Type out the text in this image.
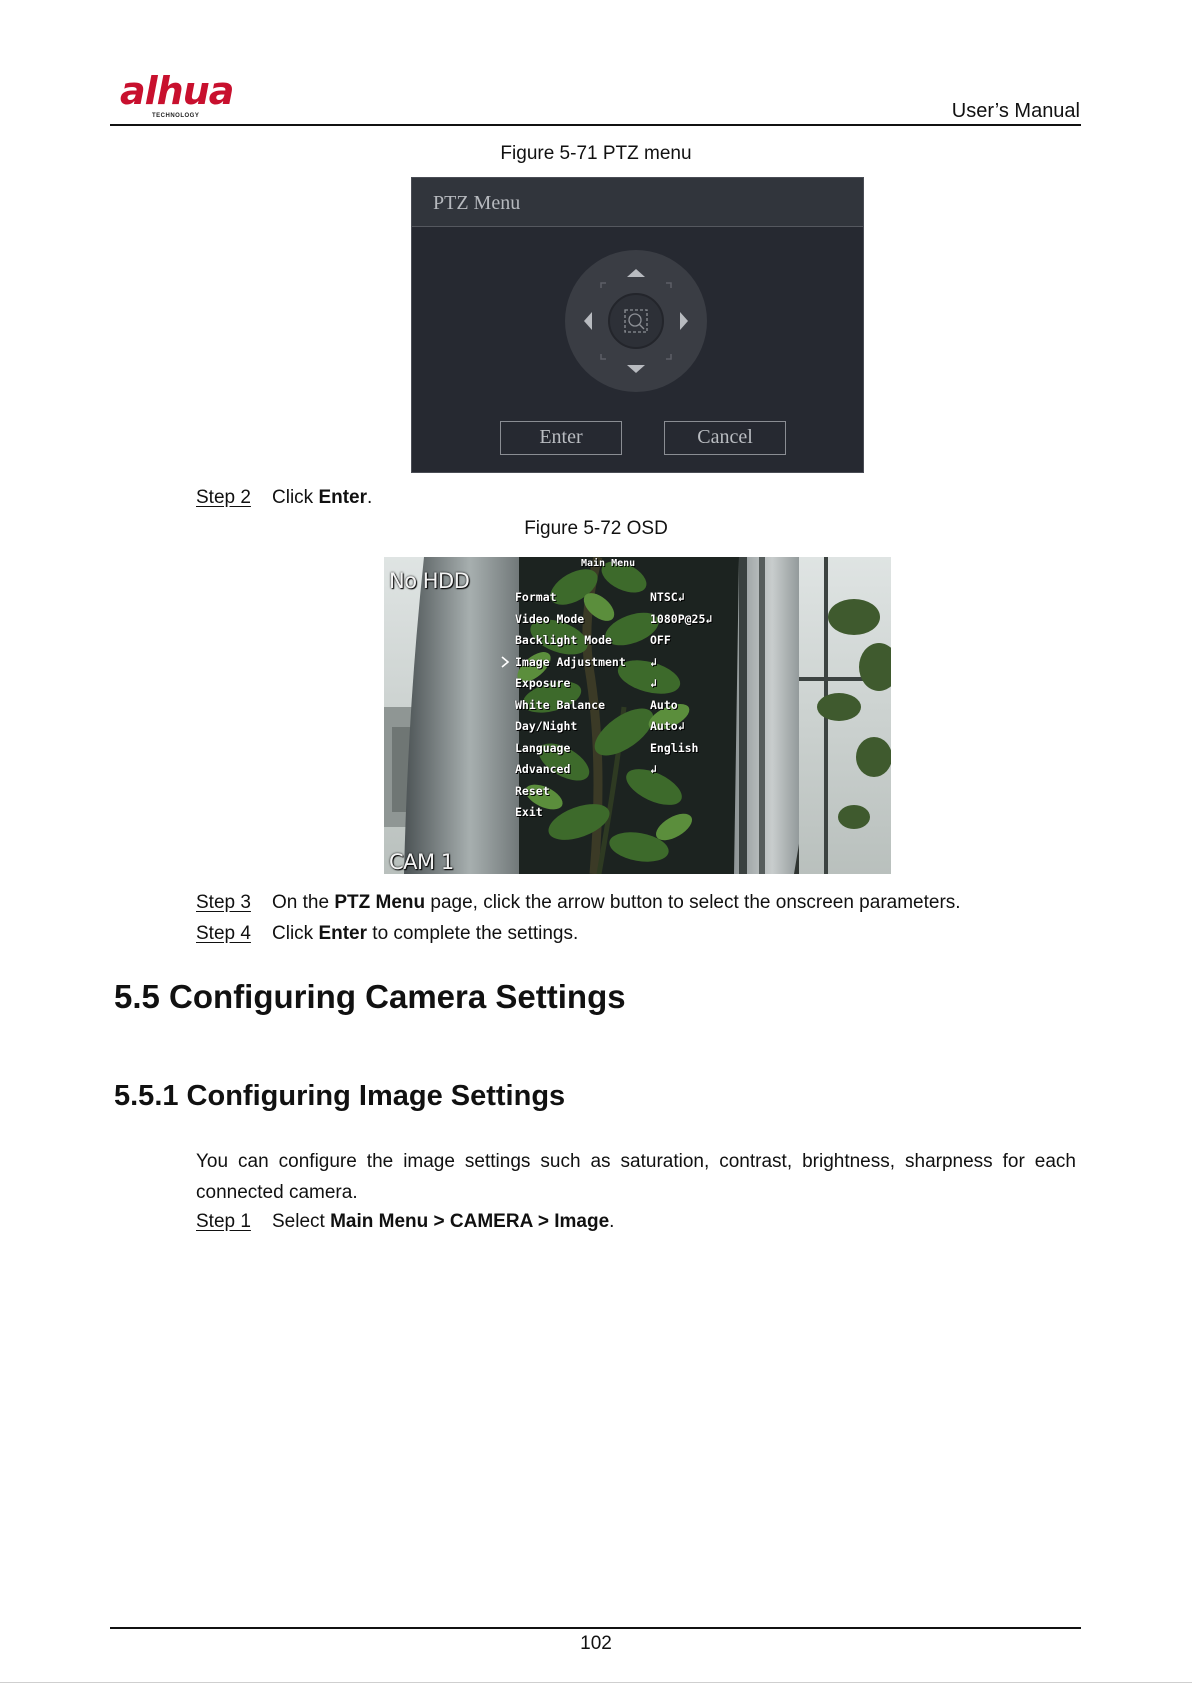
alhua
TECHNOLOGY	User’s Manual
Figure 5-71 PTZ menu
PTZ Menu
Enter	Cancel
Step 2 Click Enter.
Figure 5-72 OSD
No HDD
CAM 1
Main Menu
Format	NTSC↲
Video Mode	1080P@25↲
Backlight Mode	OFF
Image Adjustment ↲
Exposure	↲
White Balance	Auto
Day/Night	Auto↲
Language	English
Advanced	↲
Reset
Exit
Step 3 On the PTZ Menu page, click the arrow button to select the onscreen parameters.
Step 4 Click Enter to complete the settings.
5.5 Configuring Camera Settings
5.5.1 Configuring Image Settings
You can configure the image settings such as saturation, contrast, brightness, sharpness for each connected camera.
Step 1 Select Main Menu > CAMERA > Image.
102
